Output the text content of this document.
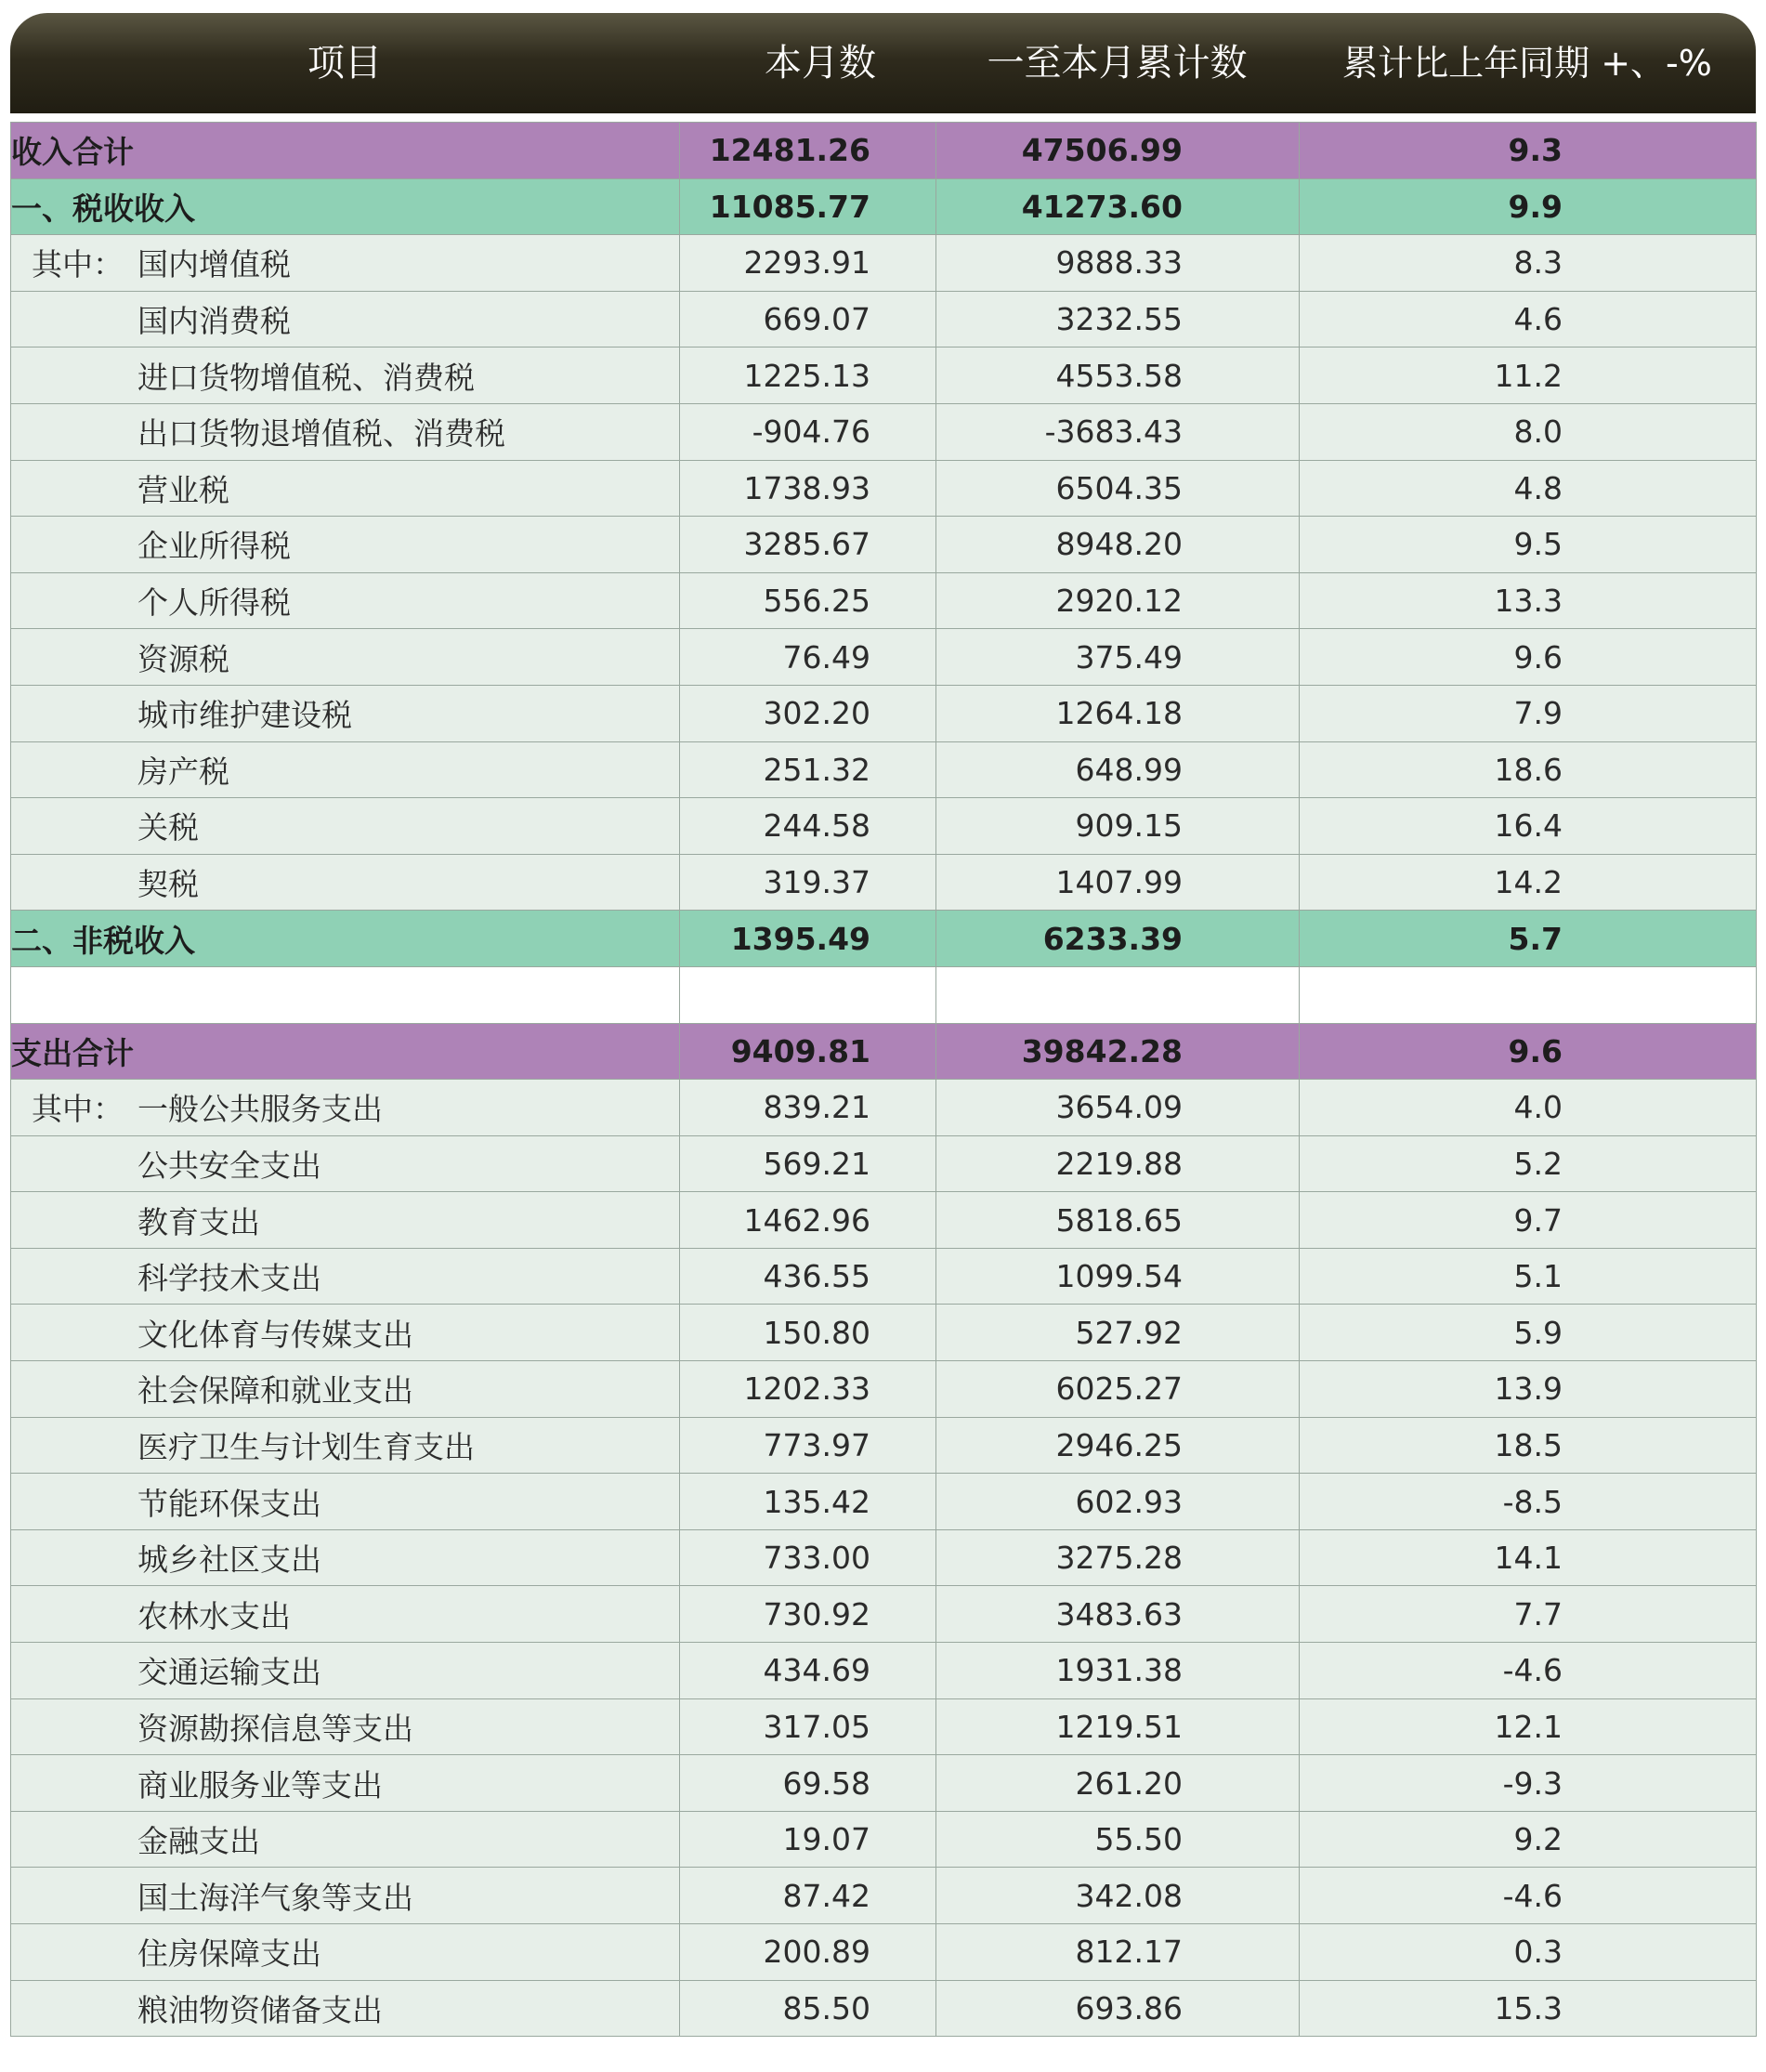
项目	本月数	一至本月累计数	累计比上年同期 +、-%
收入合计	12481.26	47506.99	9.3
一、税收收入	11085.77	41273.60	9.9
其中： 国内增值税	2293.91	9888.33	8.3
国内消费税	669.07	3232.55	4.6
进口货物增值税、消费税	1225.13	4553.58	11.2
出口货物退增值税、消费税	-904.76	-3683.43	8.0
营业税	1738.93	6504.35	4.8
企业所得税	3285.67	8948.20	9.5
个人所得税	556.25	2920.12	13.3
资源税	76.49	375.49	9.6
城市维护建设税	302.20	1264.18	7.9
房产税	251.32	648.99	18.6
关税	244.58	909.15	16.4
契税	319.37	1407.99	14.2
二、非税收入	1395.49	6233.39	5.7

支出合计	9409.81	39842.28	9.6
其中： 一般公共服务支出	839.21	3654.09	4.0
公共安全支出	569.21	2219.88	5.2
教育支出	1462.96	5818.65	9.7
科学技术支出	436.55	1099.54	5.1
文化体育与传媒支出	150.80	527.92	5.9
社会保障和就业支出	1202.33	6025.27	13.9
医疗卫生与计划生育支出	773.97	2946.25	18.5
节能环保支出	135.42	602.93	-8.5
城乡社区支出	733.00	3275.28	14.1
农林水支出	730.92	3483.63	7.7
交通运输支出	434.69	1931.38	-4.6
资源勘探信息等支出	317.05	1219.51	12.1
商业服务业等支出	69.58	261.20	-9.3
金融支出	19.07	55.50	9.2
国土海洋气象等支出	87.42	342.08	-4.6
住房保障支出	200.89	812.17	0.3
粮油物资储备支出	85.50	693.86	15.3
